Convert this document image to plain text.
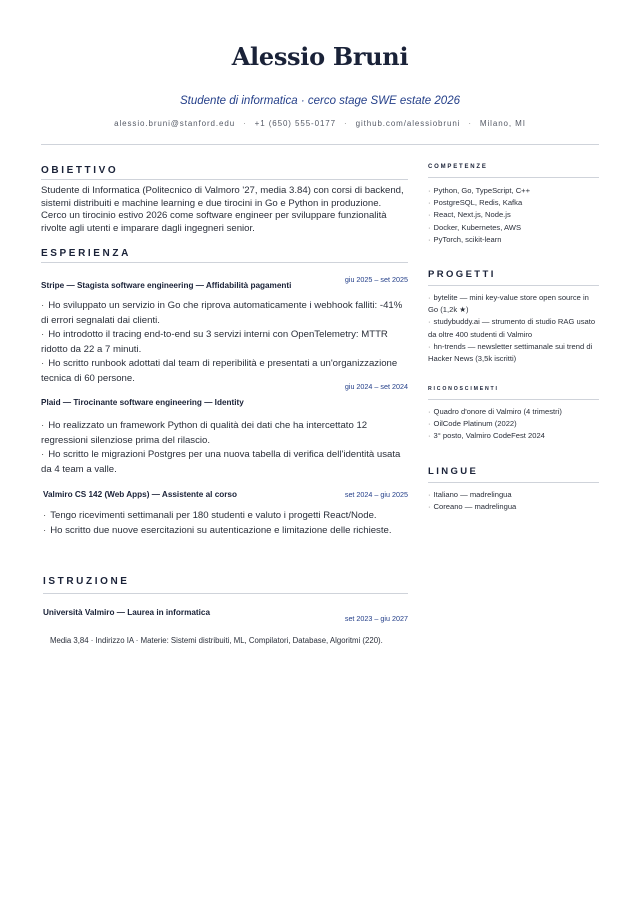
Alessio Bruni
Studente di informatica · cerco stage SWE estate 2026
alessio.bruni@stanford.edu · +1 (650) 555-0177 · github.com/alessiobruni · Milano, MI
OBIETTIVO
Studente di Informatica (Politecnico di Valmoro '27, media 3.84) con corsi di backend, sistemi distribuiti e machine learning e due tirocini in Go e Python in produzione. Cerco un tirocinio estivo 2026 come software engineer per sviluppare funzionalità rivolte agli utenti e imparare dagli ingegneri senior.
ESPERIENZA
giu 2025 – set 2025
Stripe — Stagista software engineering — Affidabilità pagamenti
· Ho sviluppato un servizio in Go che riprova automaticamente i webhook falliti: -41% di errori segnalati dai clienti.
· Ho introdotto il tracing end-to-end su 3 servizi interni con OpenTelemetry: MTTR ridotto da 22 a 7 minuti.
· Ho scritto runbook adottati dal team di reperibilità e presentati a un'organizzazione tecnica di 60 persone.
giu 2024 – set 2024
Plaid — Tirocinante software engineering — Identity
· Ho realizzato un framework Python di qualità dei dati che ha intercettato 12 regressioni silenziose prima del rilascio.
· Ho scritto le migrazioni Postgres per una nuova tabella di verifica dell'identità usata da 4 team a valle.
set 2024 – giu 2025
Valmiro CS 142 (Web Apps) — Assistente al corso
· Tengo ricevimenti settimanali per 180 studenti e valuto i progetti React/Node.
· Ho scritto due nuove esercitazioni su autenticazione e limitazione delle richieste.
ISTRUZIONE
Università Valmiro — Laurea in informatica
set 2023 – giu 2027
Media 3,84 · Indirizzo IA · Materie: Sistemi distribuiti, ML, Compilatori, Database, Algoritmi (220).
COMPETENZE
· Python, Go, TypeScript, C++
· PostgreSQL, Redis, Kafka
· React, Next.js, Node.js
· Docker, Kubernetes, AWS
· PyTorch, scikit-learn
PROGETTI
· bytelite — mini key-value store open source in Go (1,2k ★)
· studybuddy.ai — strumento di studio RAG usato da oltre 400 studenti di Valmiro
· hn-trends — newsletter settimanale sui trend di Hacker News (3,5k iscritti)
RICONOSCIMENTI
· Quadro d'onore di Valmiro (4 trimestri)
· OilCode Platinum (2022)
· 3° posto, Valmiro CodeFest 2024
LINGUE
· Italiano — madrelingua
· Coreano — madrelingua
